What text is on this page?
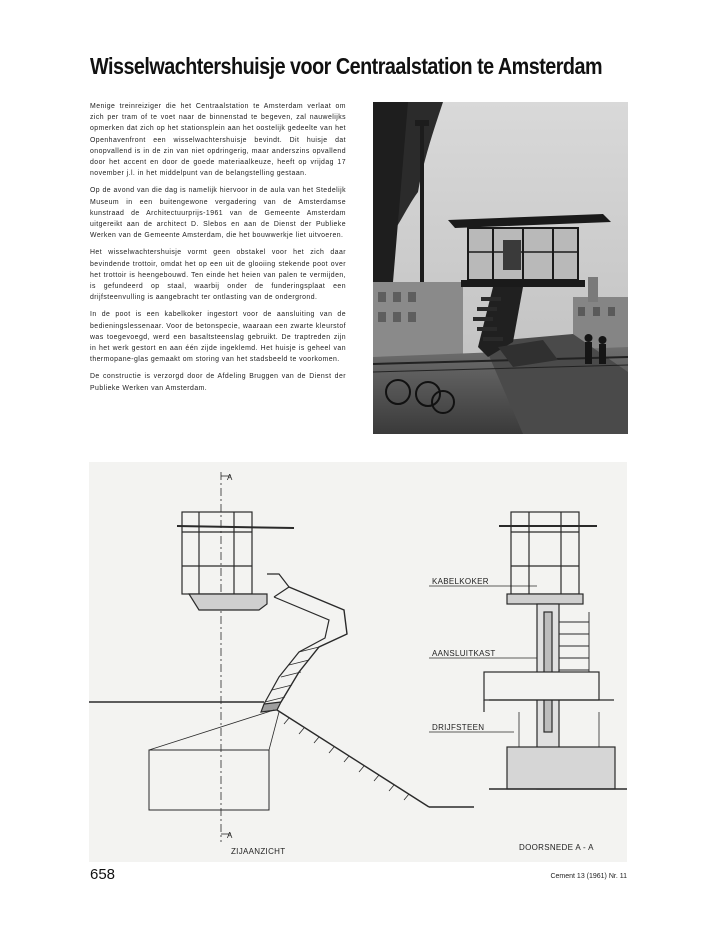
Wisselwachtershuisje voor Centraalstation te Amsterdam

Menige treinreiziger die het Centraalstation te Amsterdam verlaat om zich per tram of te voet naar de binnenstad te begeven, zal nauwelijks opmerken dat zich op het stationsplein aan het oostelijk gedeelte van het Openhavenfront een wisselwachtershuisje bevindt. Dit huisje dat onopvallend is in de zin van niet opdringerig, maar anderszins opvallend door het accent en door de goede materiaalkeuze, heeft op vrijdag 17 november j.l. in het middelpunt van de belangstelling gestaan.

Op de avond van die dag is namelijk hiervoor in de aula van het Stedelijk Museum in een buitengewone vergadering van de Amsterdamse kunstraad de Architectuurprijs-1961 van de Gemeente Amsterdam uitgereikt aan de architect D. Slebos en aan de Dienst der Publieke Werken van de Gemeente Amsterdam, die het bouwwerkje liet uitvoeren.

Het wisselwachtershuisje vormt geen obstakel voor het zich daar bevindende trottoir, omdat het op een uit de glooiing stekende poot over het trottoir is heengebouwd. Ten einde het heien van palen te vermijden, is gefundeerd op staal, waarbij onder de funderingsplaat een drijfsteenvulling is aangebracht ter ontlasting van de ondergrond.

In de poot is een kabelkoker ingestort voor de aansluiting van de bedieningslessenaar. Voor de betonspecie, waaraan een zwarte kleurstof was toegevoegd, werd een basaltsteenslag gebruikt. De traptreden zijn in het werk gestort en aan één zijde ingeklemd. Het huisje is geheel van thermopane-glas gemaakt om storing van het stadsbeeld te voorkomen.

De constructie is verzorgd door de Afdeling Bruggen van de Dienst der Publieke Werken van Amsterdam.

A
A
KABELKOKER
AANSLUITKAST
DRIJFSTEEN
ZIJAANZICHT	DOORSNEDE A - A
658	Cement 13 (1961) Nr. 11
